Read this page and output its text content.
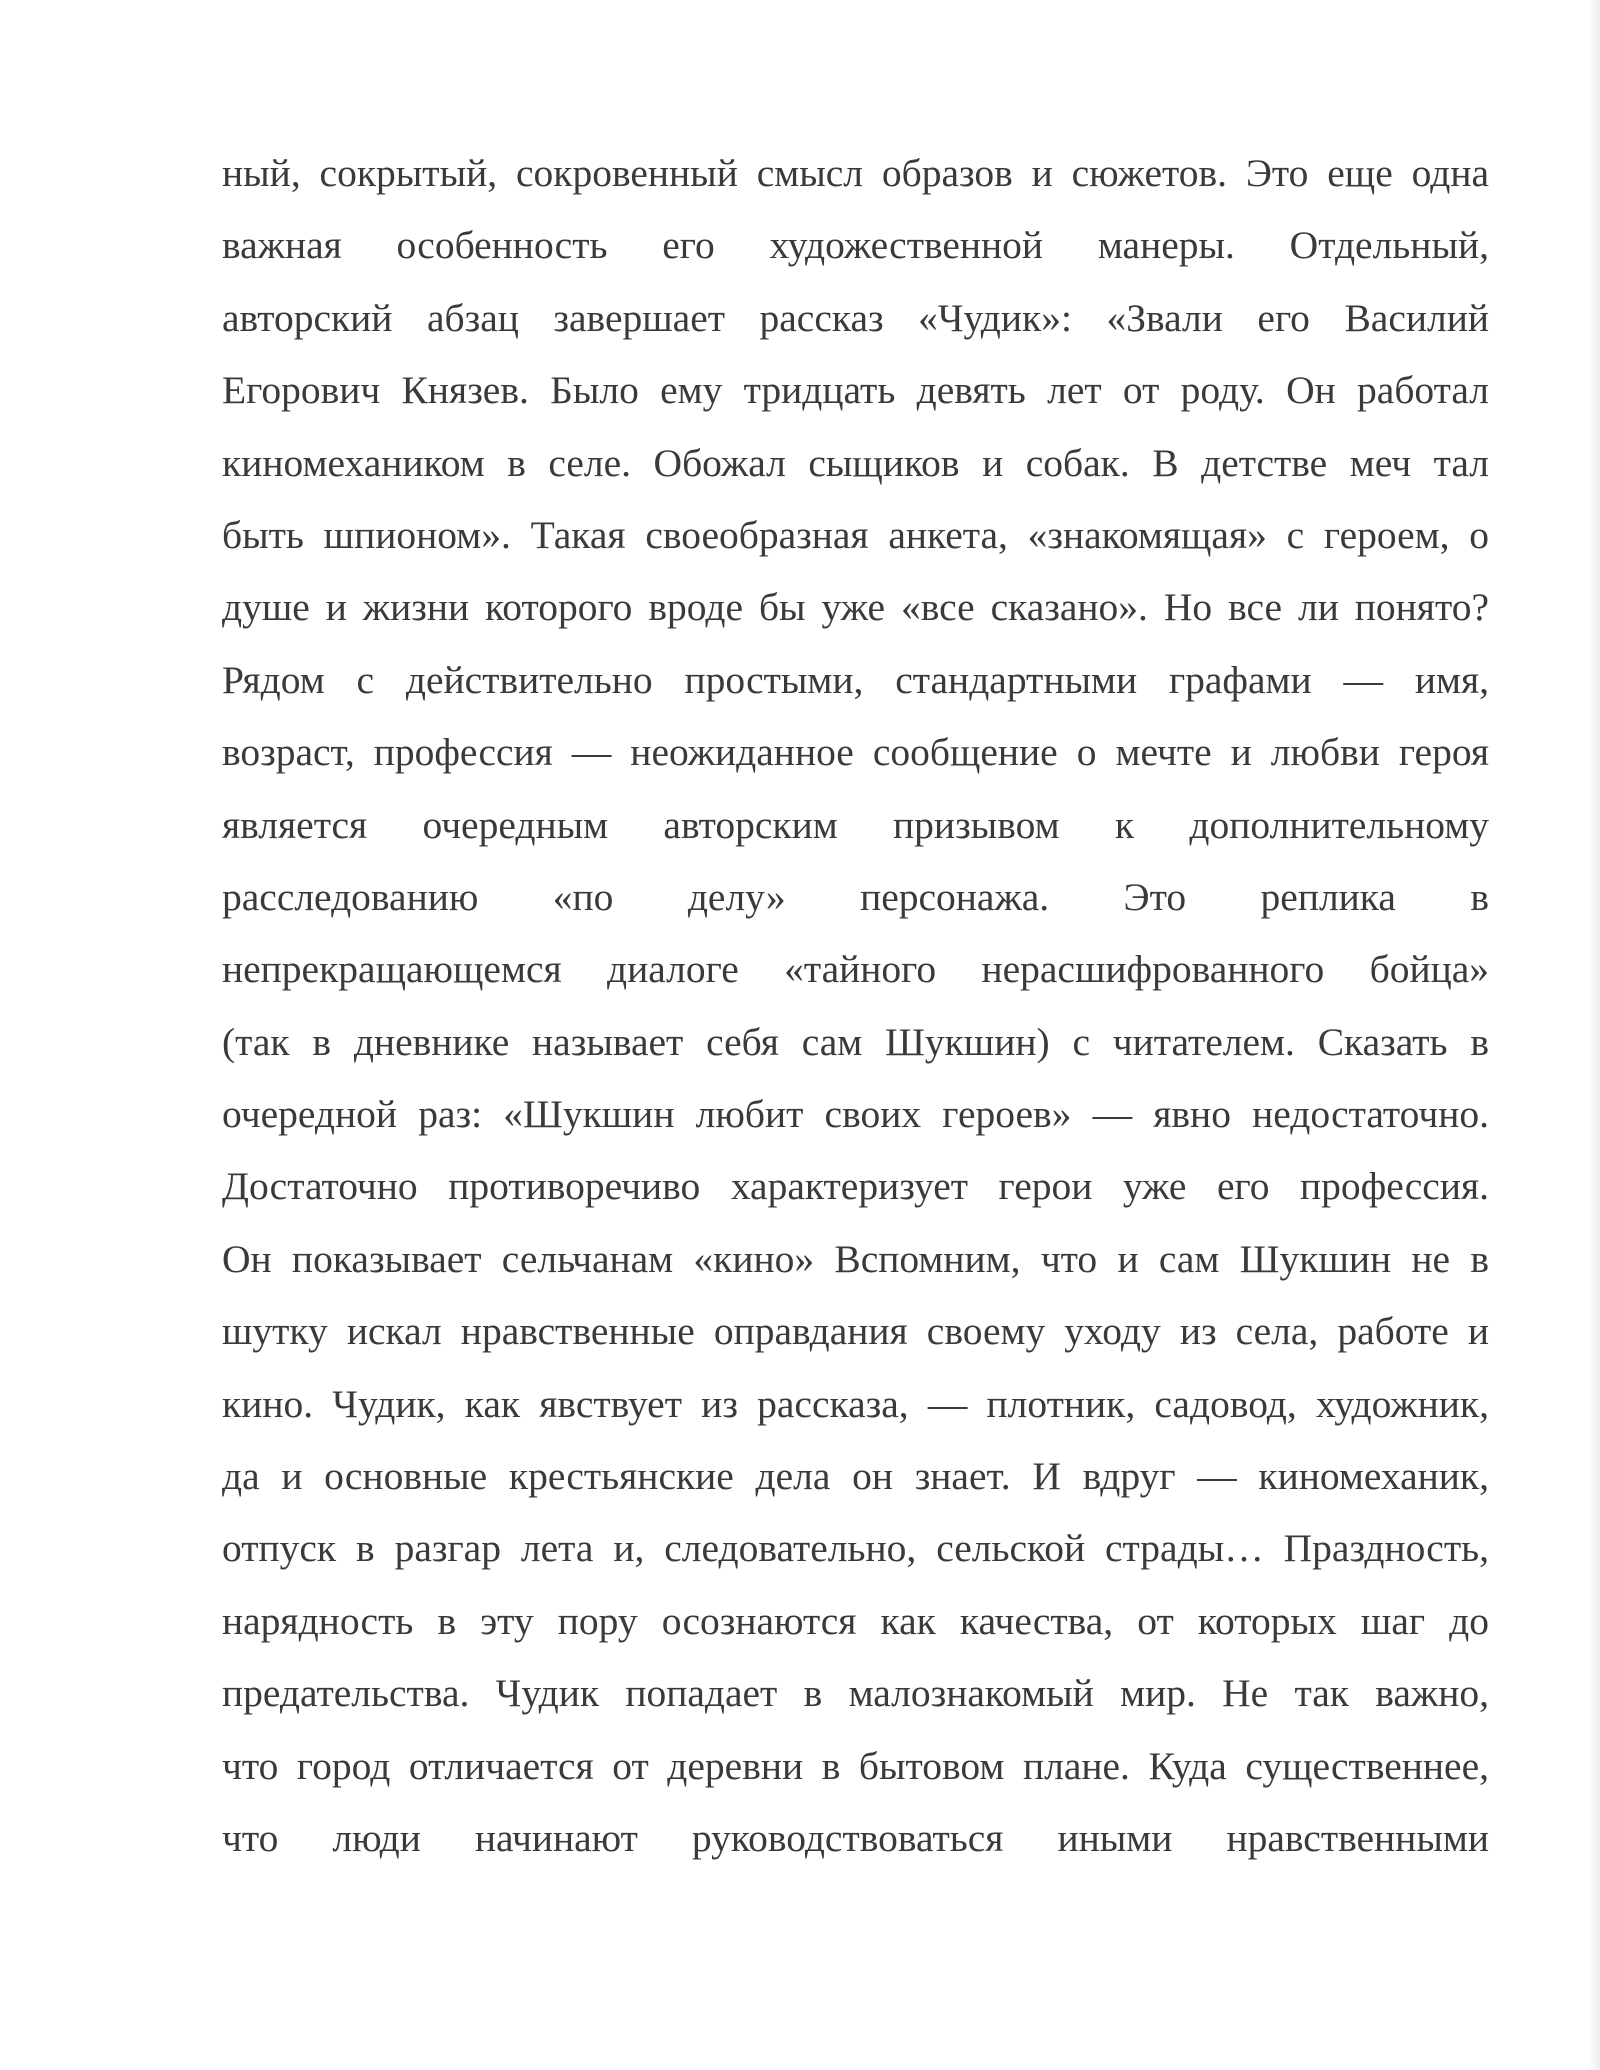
ный, сокрытый, сокровенный смысл образов и сюжетов. Это еще одна
важная особенность его художественной манеры. Отдельный,
авторский абзац завершает рассказ «Чудик»: «Звали его Василий
Егорович Князев. Было ему тридцать девять лет от роду. Он работал
киномехаником в селе. Обожал сыщиков и собак. В детстве меч тал
быть шпионом». Такая своеобразная анкета, «знакомящая» с героем, о
душе и жизни которого вроде бы уже «все сказано». Но все ли понято?
Рядом с действительно простыми, стандартными графами — имя,
возраст, профессия — неожиданное сообщение о мечте и любви героя
является очередным авторским призывом к дополнительному
расследованию «по делу» персонажа. Это реплика в
непрекращающемся диалоге «тайного нерасшифрованного бойца»
(так в дневнике называет себя сам Шукшин) с читателем. Сказать в
очередной раз: «Шукшин любит своих героев» — явно недостаточно.
Достаточно противоречиво характеризует герои уже его профессия.
Он показывает сельчанам «кино» Вспомним, что и сам Шукшин не в
шутку искал нравственные оправдания своему уходу из села, работе и
кино. Чудик, как явствует из рассказа, — плотник, садовод, художник,
да и основные крестьянские дела он знает. И вдруг — киномеханик,
отпуск в разгар лета и, следовательно, сельской страды… Праздность,
нарядность в эту пору осознаются как качества, от которых шаг до
предательства. Чудик попадает в малознакомый мир. Не так важно,
что город отличается от деревни в бытовом плане. Куда существеннее,
что люди начинают руководствоваться иными нравственными
